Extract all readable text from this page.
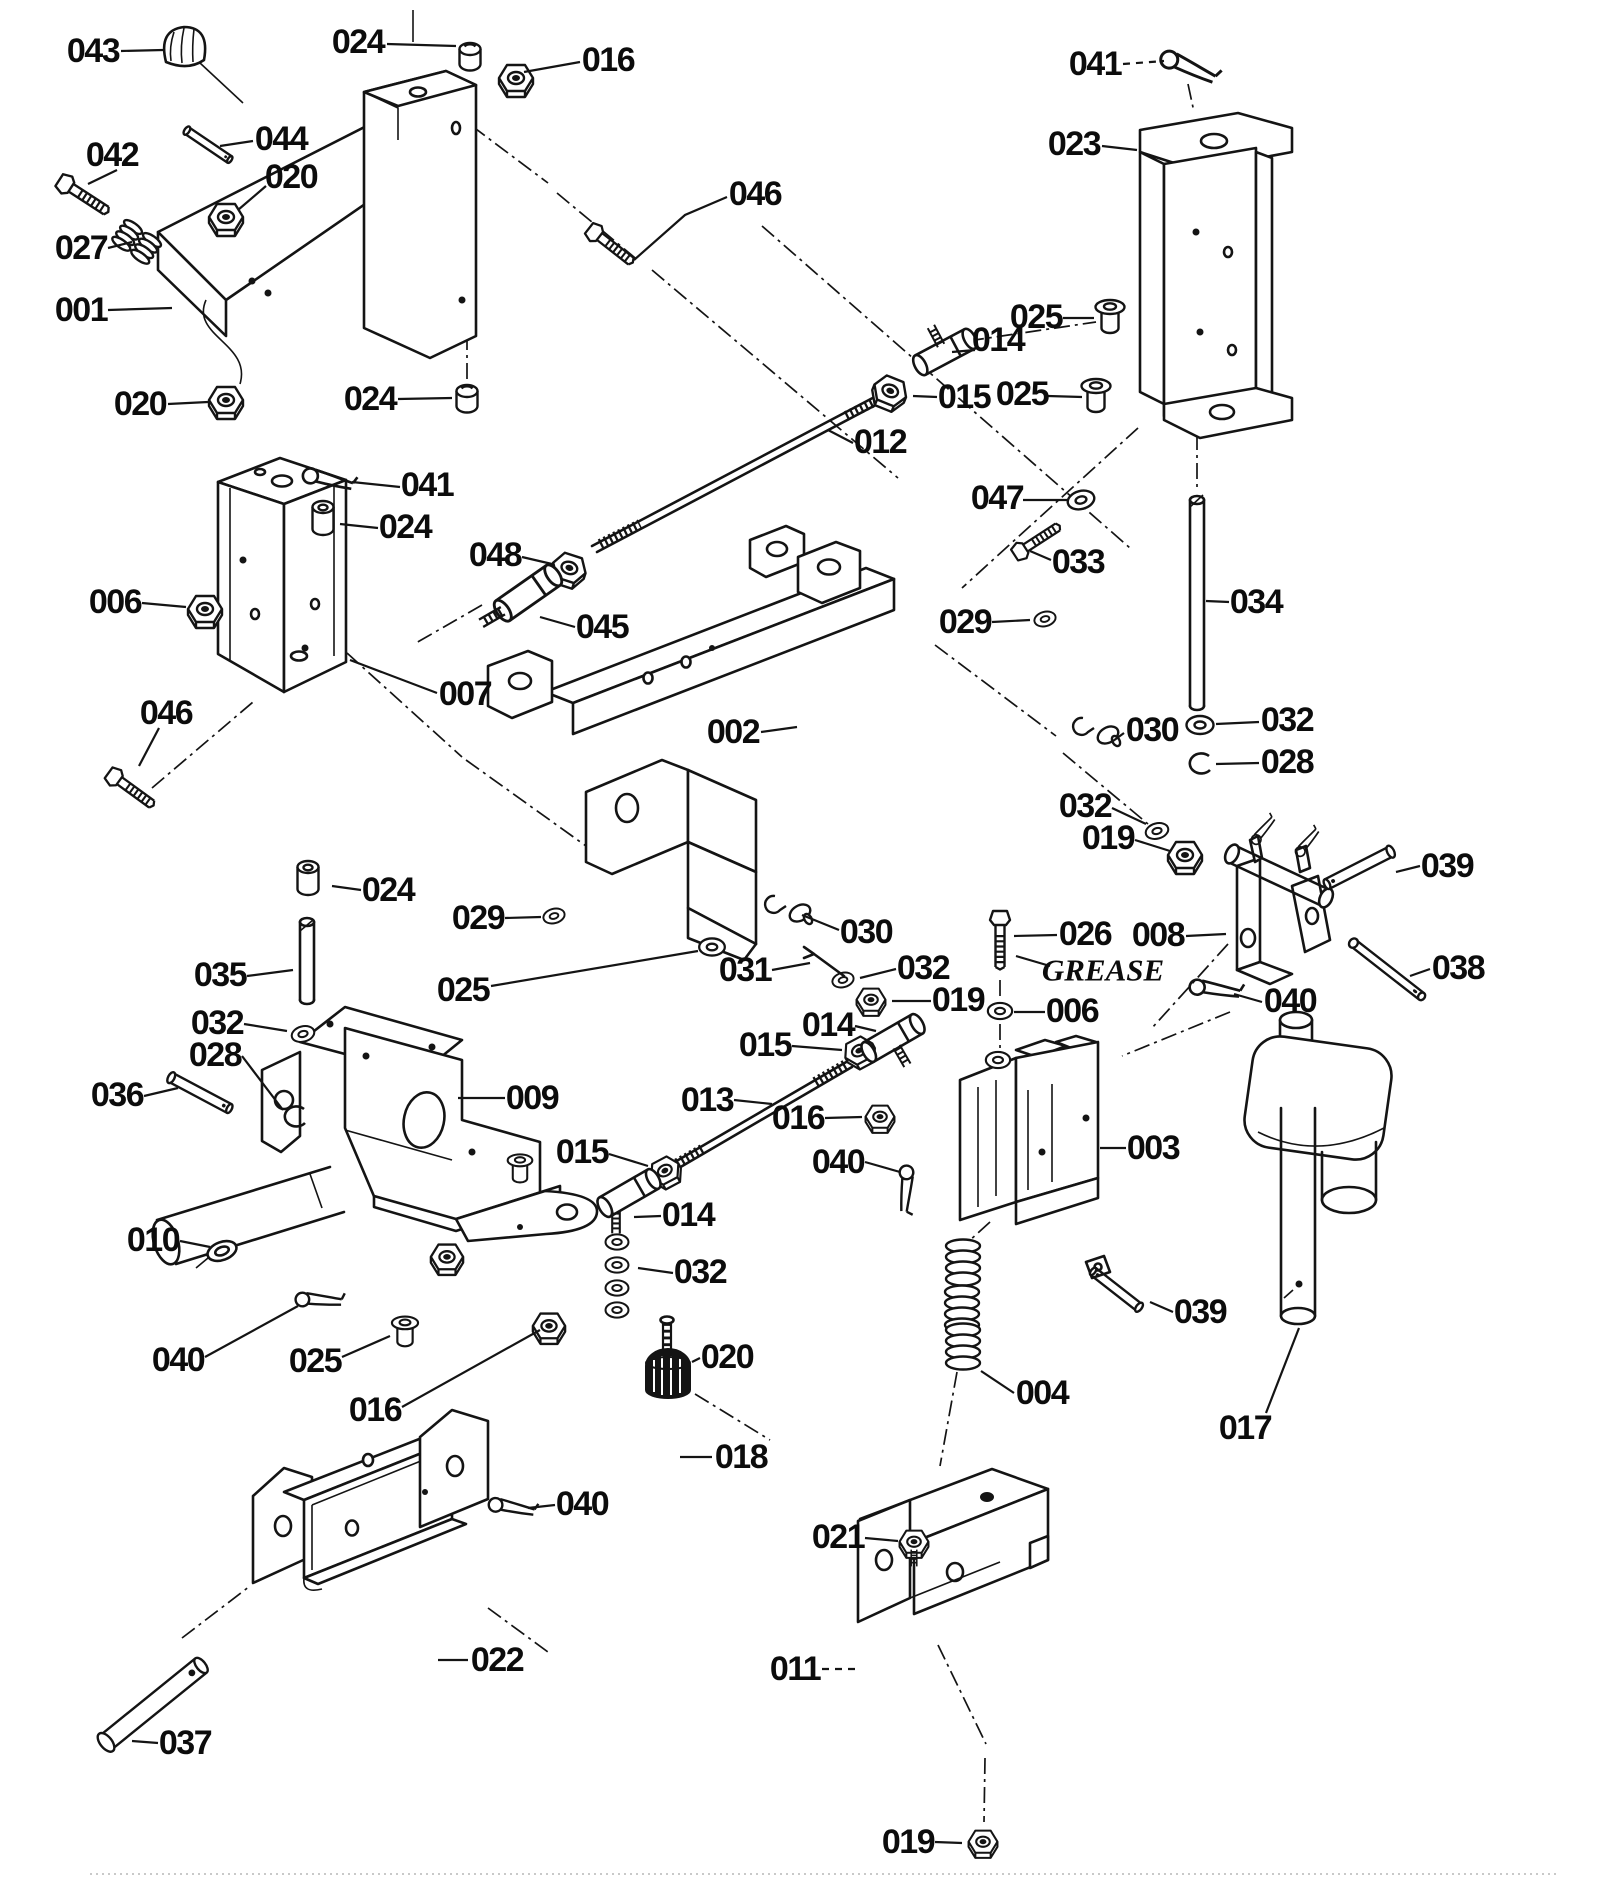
043	024	016
044
042
020
027
001
020	024
046
041
023
025
014
015 025
012
047
033
034
041
024
048
045
006
029
007
002	030 032
028
046
032
019
026
GREASE
008
039
038
040
006
024
029
035	025
030
031	032
019
032
028
036	009
014
015
013 016
003
040
015
010
014
032
039
040 025	020
016	004
017
018
040
021
022	011
037
019
